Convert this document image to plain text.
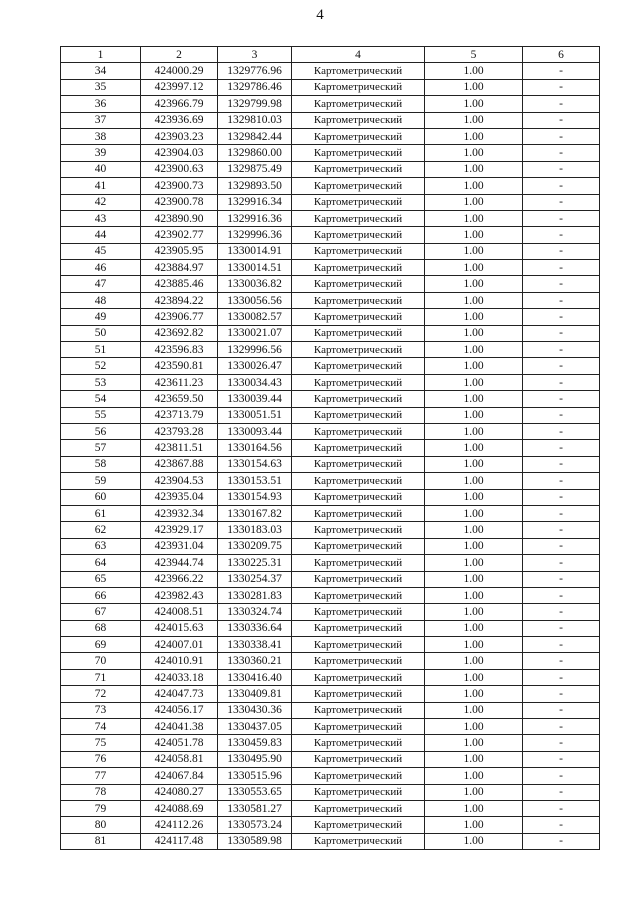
4
1	2	3	4	5	6
34	424000.29	1329776.96	Картометрический	1.00	-
35	423997.12	1329786.46	Картометрический	1.00	-
36	423966.79	1329799.98	Картометрический	1.00	-
37	423936.69	1329810.03	Картометрический	1.00	-
38	423903.23	1329842.44	Картометрический	1.00	-
39	423904.03	1329860.00	Картометрический	1.00	-
40	423900.63	1329875.49	Картометрический	1.00	-
41	423900.73	1329893.50	Картометрический	1.00	-
42	423900.78	1329916.34	Картометрический	1.00	-
43	423890.90	1329916.36	Картометрический	1.00	-
44	423902.77	1329996.36	Картометрический	1.00	-
45	423905.95	1330014.91	Картометрический	1.00	-
46	423884.97	1330014.51	Картометрический	1.00	-
47	423885.46	1330036.82	Картометрический	1.00	-
48	423894.22	1330056.56	Картометрический	1.00	-
49	423906.77	1330082.57	Картометрический	1.00	-
50	423692.82	1330021.07	Картометрический	1.00	-
51	423596.83	1329996.56	Картометрический	1.00	-
52	423590.81	1330026.47	Картометрический	1.00	-
53	423611.23	1330034.43	Картометрический	1.00	-
54	423659.50	1330039.44	Картометрический	1.00	-
55	423713.79	1330051.51	Картометрический	1.00	-
56	423793.28	1330093.44	Картометрический	1.00	-
57	423811.51	1330164.56	Картометрический	1.00	-
58	423867.88	1330154.63	Картометрический	1.00	-
59	423904.53	1330153.51	Картометрический	1.00	-
60	423935.04	1330154.93	Картометрический	1.00	-
61	423932.34	1330167.82	Картометрический	1.00	-
62	423929.17	1330183.03	Картометрический	1.00	-
63	423931.04	1330209.75	Картометрический	1.00	-
64	423944.74	1330225.31	Картометрический	1.00	-
65	423966.22	1330254.37	Картометрический	1.00	-
66	423982.43	1330281.83	Картометрический	1.00	-
67	424008.51	1330324.74	Картометрический	1.00	-
68	424015.63	1330336.64	Картометрический	1.00	-
69	424007.01	1330338.41	Картометрический	1.00	-
70	424010.91	1330360.21	Картометрический	1.00	-
71	424033.18	1330416.40	Картометрический	1.00	-
72	424047.73	1330409.81	Картометрический	1.00	-
73	424056.17	1330430.36	Картометрический	1.00	-
74	424041.38	1330437.05	Картометрический	1.00	-
75	424051.78	1330459.83	Картометрический	1.00	-
76	424058.81	1330495.90	Картометрический	1.00	-
77	424067.84	1330515.96	Картометрический	1.00	-
78	424080.27	1330553.65	Картометрический	1.00	-
79	424088.69	1330581.27	Картометрический	1.00	-
80	424112.26	1330573.24	Картометрический	1.00	-
81	424117.48	1330589.98	Картометрический	1.00	-
